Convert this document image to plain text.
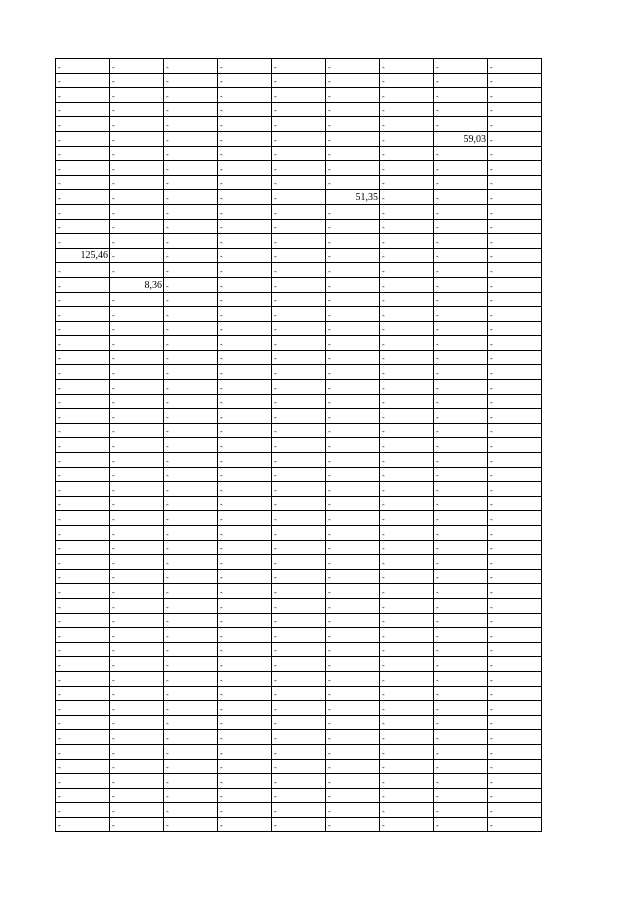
-	-	-	-	-	-	-	-	-
-	-	-	-	-	-	-	-	-
-	-	-	-	-	-	-	-	-
-	-	-	-	-	-	-	-	-
-	-	-	-	-	-	-	-	-
-	-	-	-	-	-	-	59,03	-
-	-	-	-	-	-	-	-	-
-	-	-	-	-	-	-	-	-
-	-	-	-	-	-	-	-	-
-	-	-	-	-	51,35	-	-	-
-	-	-	-	-	-	-	-	-
-	-	-	-	-	-	-	-	-
-	-	-	-	-	-	-	-	-
125,46	-	-	-	-	-	-	-	-
-	-	-	-	-	-	-	-	-
-	8,36	-	-	-	-	-	-	-
-	-	-	-	-	-	-	-	-
-	-	-	-	-	-	-	-	-
-	-	-	-	-	-	-	-	-
-	-	-	-	-	-	-	-	-
-	-	-	-	-	-	-	-	-
-	-	-	-	-	-	-	-	-
-	-	-	-	-	-	-	-	-
-	-	-	-	-	-	-	-	-
-	-	-	-	-	-	-	-	-
-	-	-	-	-	-	-	-	-
-	-	-	-	-	-	-	-	-
-	-	-	-	-	-	-	-	-
-	-	-	-	-	-	-	-	-
-	-	-	-	-	-	-	-	-
-	-	-	-	-	-	-	-	-
-	-	-	-	-	-	-	-	-
-	-	-	-	-	-	-	-	-
-	-	-	-	-	-	-	-	-
-	-	-	-	-	-	-	-	-
-	-	-	-	-	-	-	-	-
-	-	-	-	-	-	-	-	-
-	-	-	-	-	-	-	-	-
-	-	-	-	-	-	-	-	-
-	-	-	-	-	-	-	-	-
-	-	-	-	-	-	-	-	-
-	-	-	-	-	-	-	-	-
-	-	-	-	-	-	-	-	-
-	-	-	-	-	-	-	-	-
-	-	-	-	-	-	-	-	-
-	-	-	-	-	-	-	-	-
-	-	-	-	-	-	-	-	-
-	-	-	-	-	-	-	-	-
-	-	-	-	-	-	-	-	-
-	-	-	-	-	-	-	-	-
-	-	-	-	-	-	-	-	-
-	-	-	-	-	-	-	-	-
-	-	-	-	-	-	-	-	-
